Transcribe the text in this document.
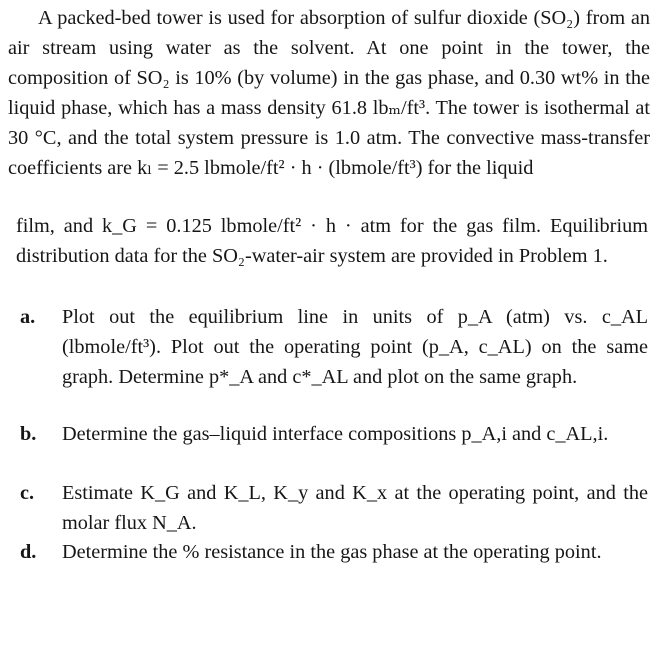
A packed-bed tower is used for absorption of sulfur dioxide (SO₂) from an air stream using water as the solvent. At one point in the tower, the composition of SO₂ is 10% (by volume) in the gas phase, and 0.30 wt% in the liquid phase, which has a mass density 61.8 lbₘ/ft³. The tower is isothermal at 30 °C, and the total system pressure is 1.0 atm. The convective mass-transfer coefficients are kₗ = 2.5 lbmole/ft² · h · (lbmole/ft³) for the liquid

film, and k_G = 0.125 lbmole/ft² · h · atm for the gas film. Equilibrium distribution data for the SO₂-water-air system are provided in Problem 1.

a.	Plot out the equilibrium line in units of p_A (atm) vs. c_AL (lbmole/ft³). Plot out the operating point (p_A, c_AL) on the same graph. Determine p*_A and c*_AL and plot on the same graph.
b.	Determine the gas–liquid interface compositions p_A,i and c_AL,i.
c.	Estimate K_G and K_L, K_y and K_x at the operating point, and the molar flux N_A.
d.	Determine the % resistance in the gas phase at the operating point.
